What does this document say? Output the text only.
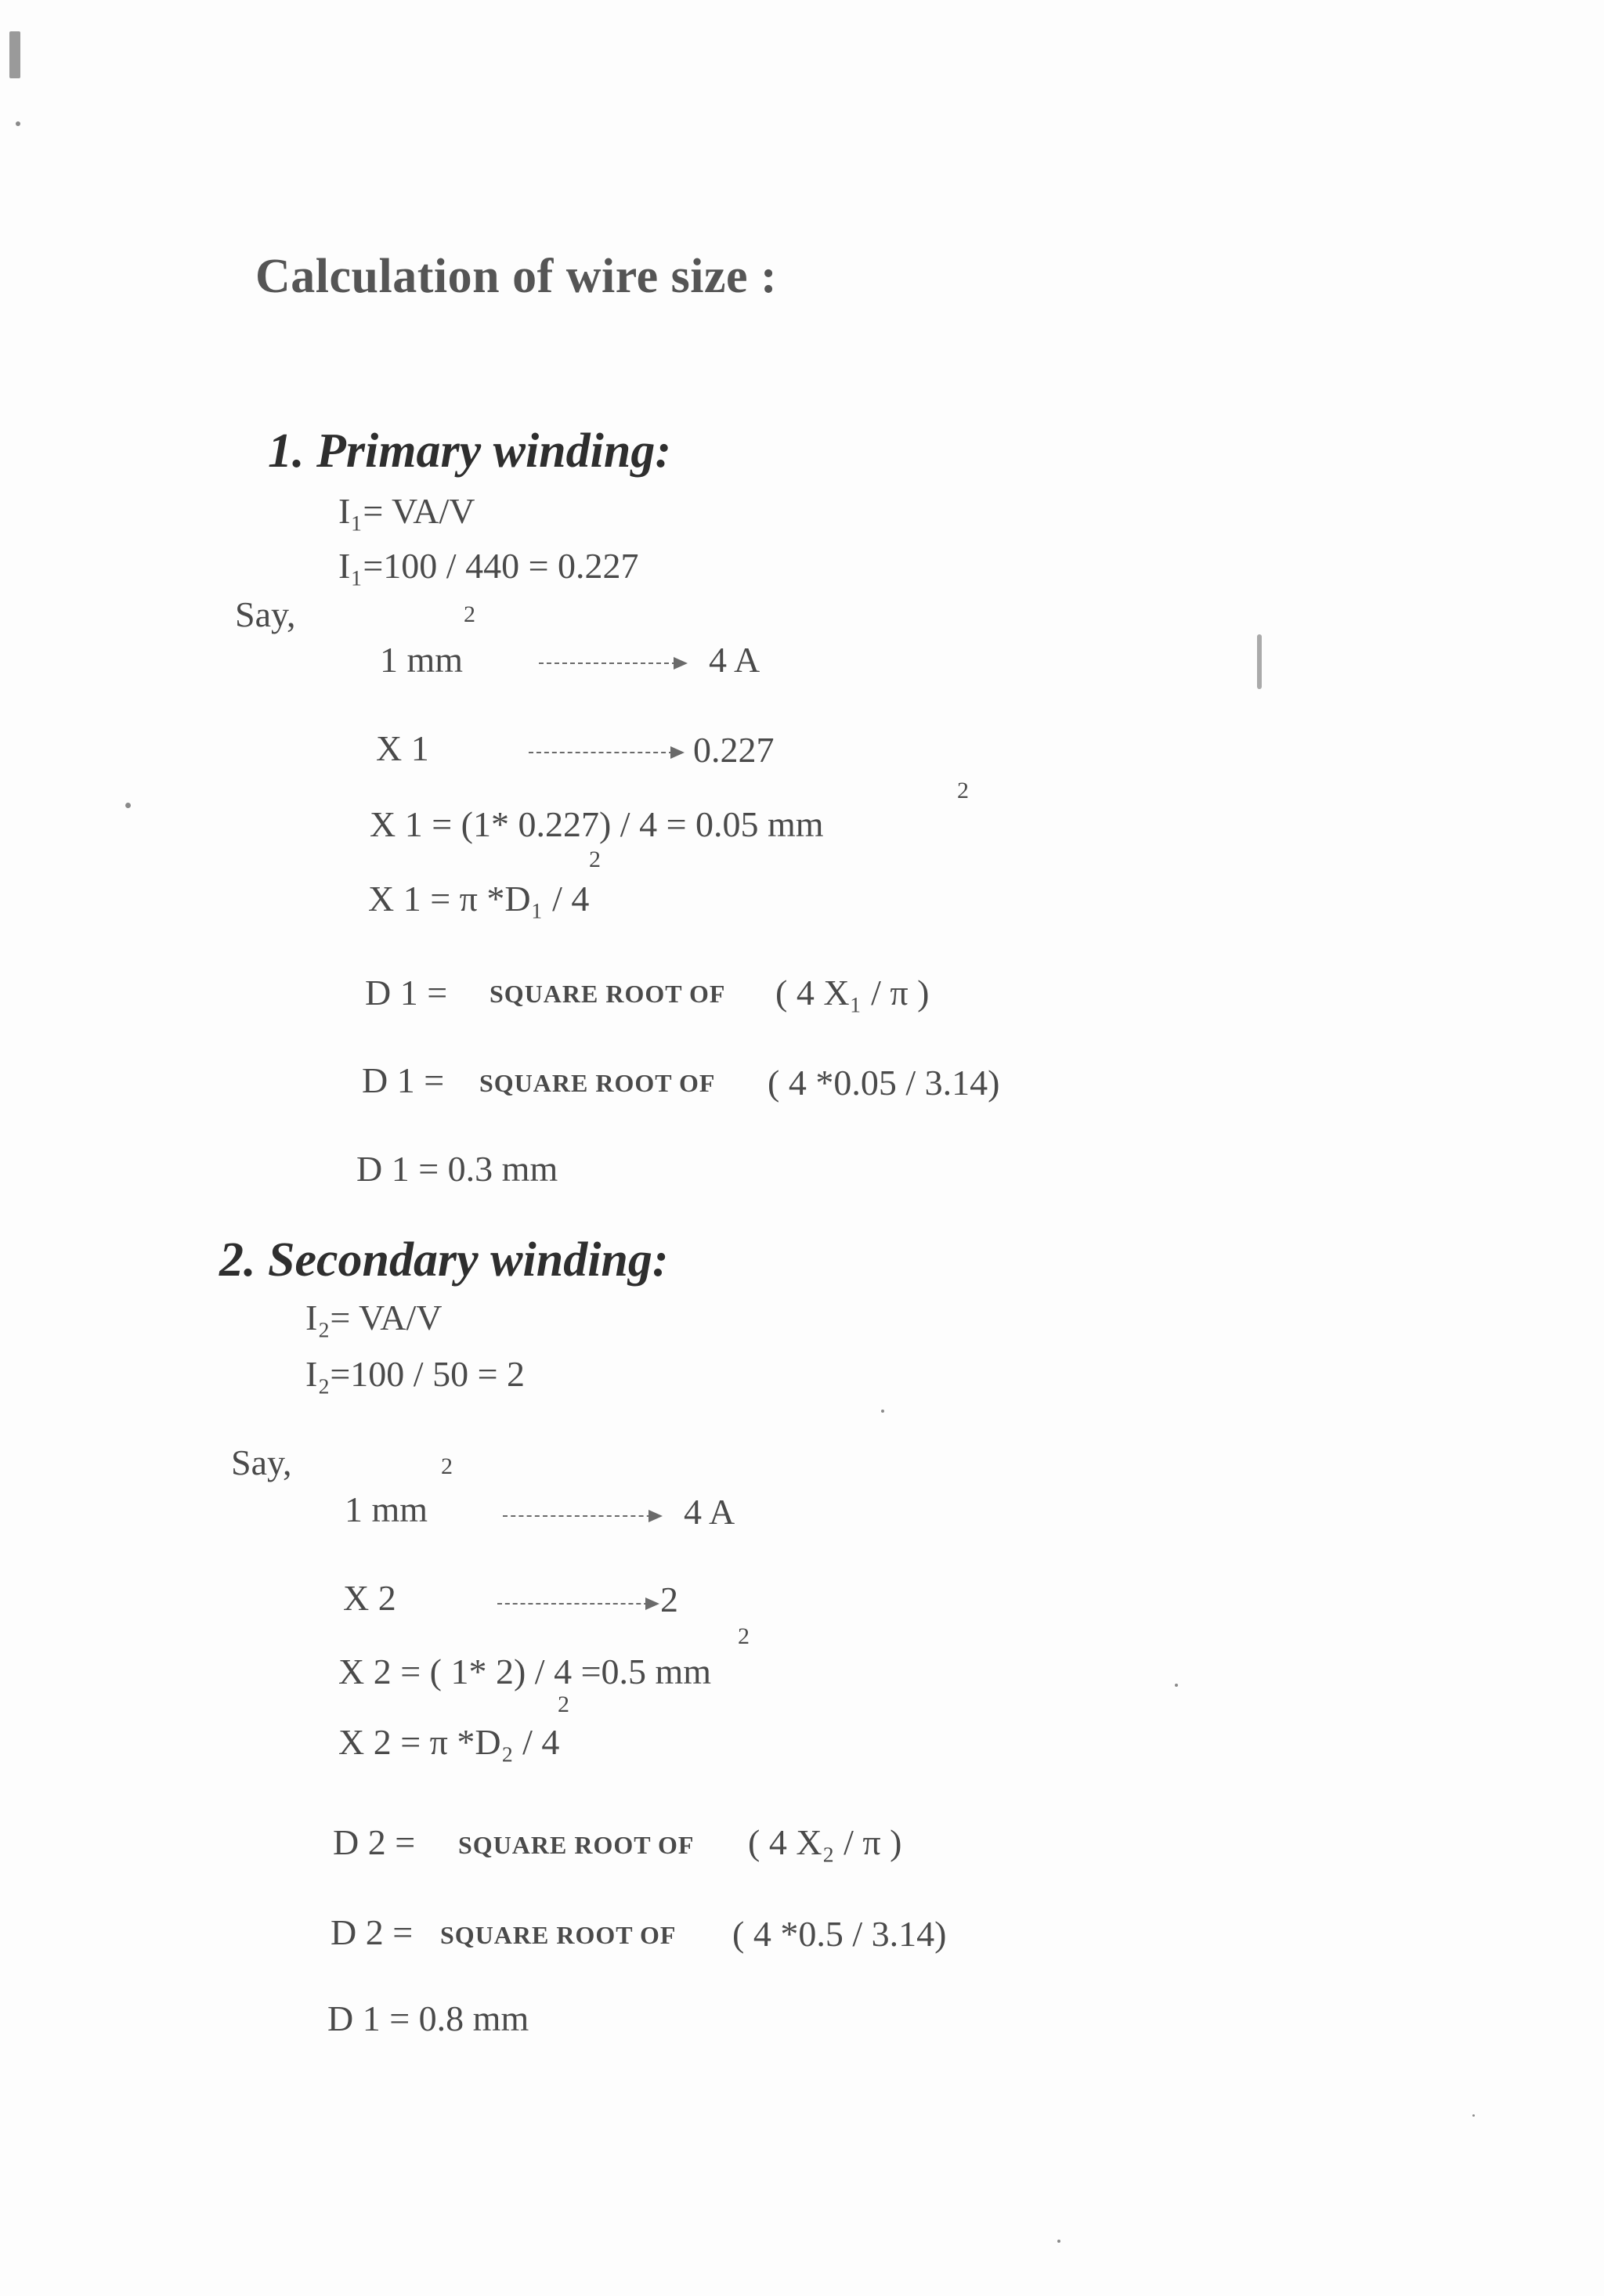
Calculation of wire size :
1. Primary winding:
I₁= VA/V
I₁=100 / 440 = 0.227
Say,	2
1 mm	4 A
X 1	0.227
2
X 1 = (1* 0.227) / 4 = 0.05 mm
2
X 1 = π *D₁ / 4
D 1 = SQUARE ROOT OF ( 4 X₁ / π )
D 1 = SQUARE ROOT OF ( 4 *0.05 / 3.14)
D 1 = 0.3 mm
2. Secondary winding:
I₂= VA/V
I₂=100 / 50 = 2
Say,	2
1 mm	4 A
X 2	2
2
X 2 = ( 1* 2) / 4 =0.5 mm
2
X 2 = π *D₂ / 4
D 2 = SQUARE ROOT OF ( 4 X₂ / π )
D 2 = SQUARE ROOT OF ( 4 *0.5 / 3.14)
D 1 = 0.8 mm
